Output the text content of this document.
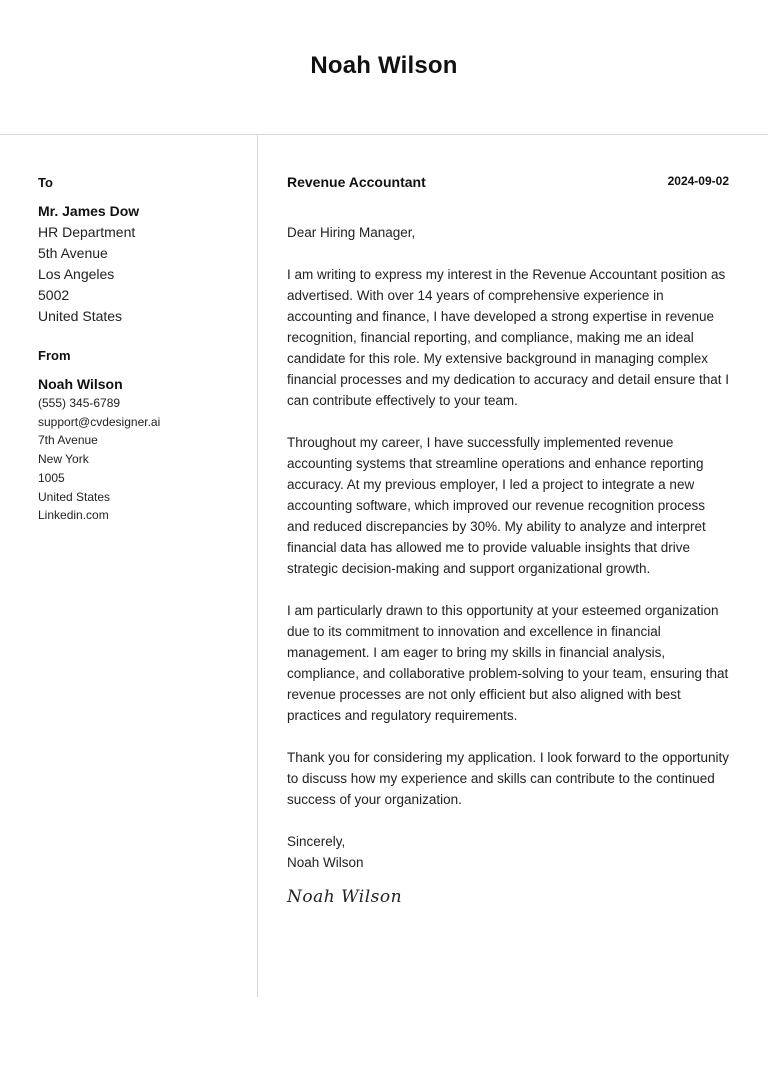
Noah Wilson
To
Mr. James Dow
HR Department
5th Avenue
Los Angeles
5002
United States
From
Noah Wilson
(555) 345-6789
support@cvdesigner.ai
7th Avenue
New York
1005
United States
Linkedin.com
Revenue Accountant	2024-09-02

Dear Hiring Manager,

I am writing to express my interest in the Revenue Accountant position as advertised. With over 14 years of comprehensive experience in accounting and finance, I have developed a strong expertise in revenue recognition, financial reporting, and compliance, making me an ideal candidate for this role. My extensive background in managing complex financial processes and my dedication to accuracy and detail ensure that I can contribute effectively to your team.

Throughout my career, I have successfully implemented revenue accounting systems that streamline operations and enhance reporting accuracy. At my previous employer, I led a project to integrate a new accounting software, which improved our revenue recognition process and reduced discrepancies by 30%. My ability to analyze and interpret financial data has allowed me to provide valuable insights that drive strategic decision-making and support organizational growth.

I am particularly drawn to this opportunity at your esteemed organization due to its commitment to innovation and excellence in financial management. I am eager to bring my skills in financial analysis, compliance, and collaborative problem-solving to your team, ensuring that revenue processes are not only efficient but also aligned with best practices and regulatory requirements.

Thank you for considering my application. I look forward to the opportunity to discuss how my experience and skills can contribute to the continued success of your organization.

Sincerely,
Noah Wilson
Noah Wilson
